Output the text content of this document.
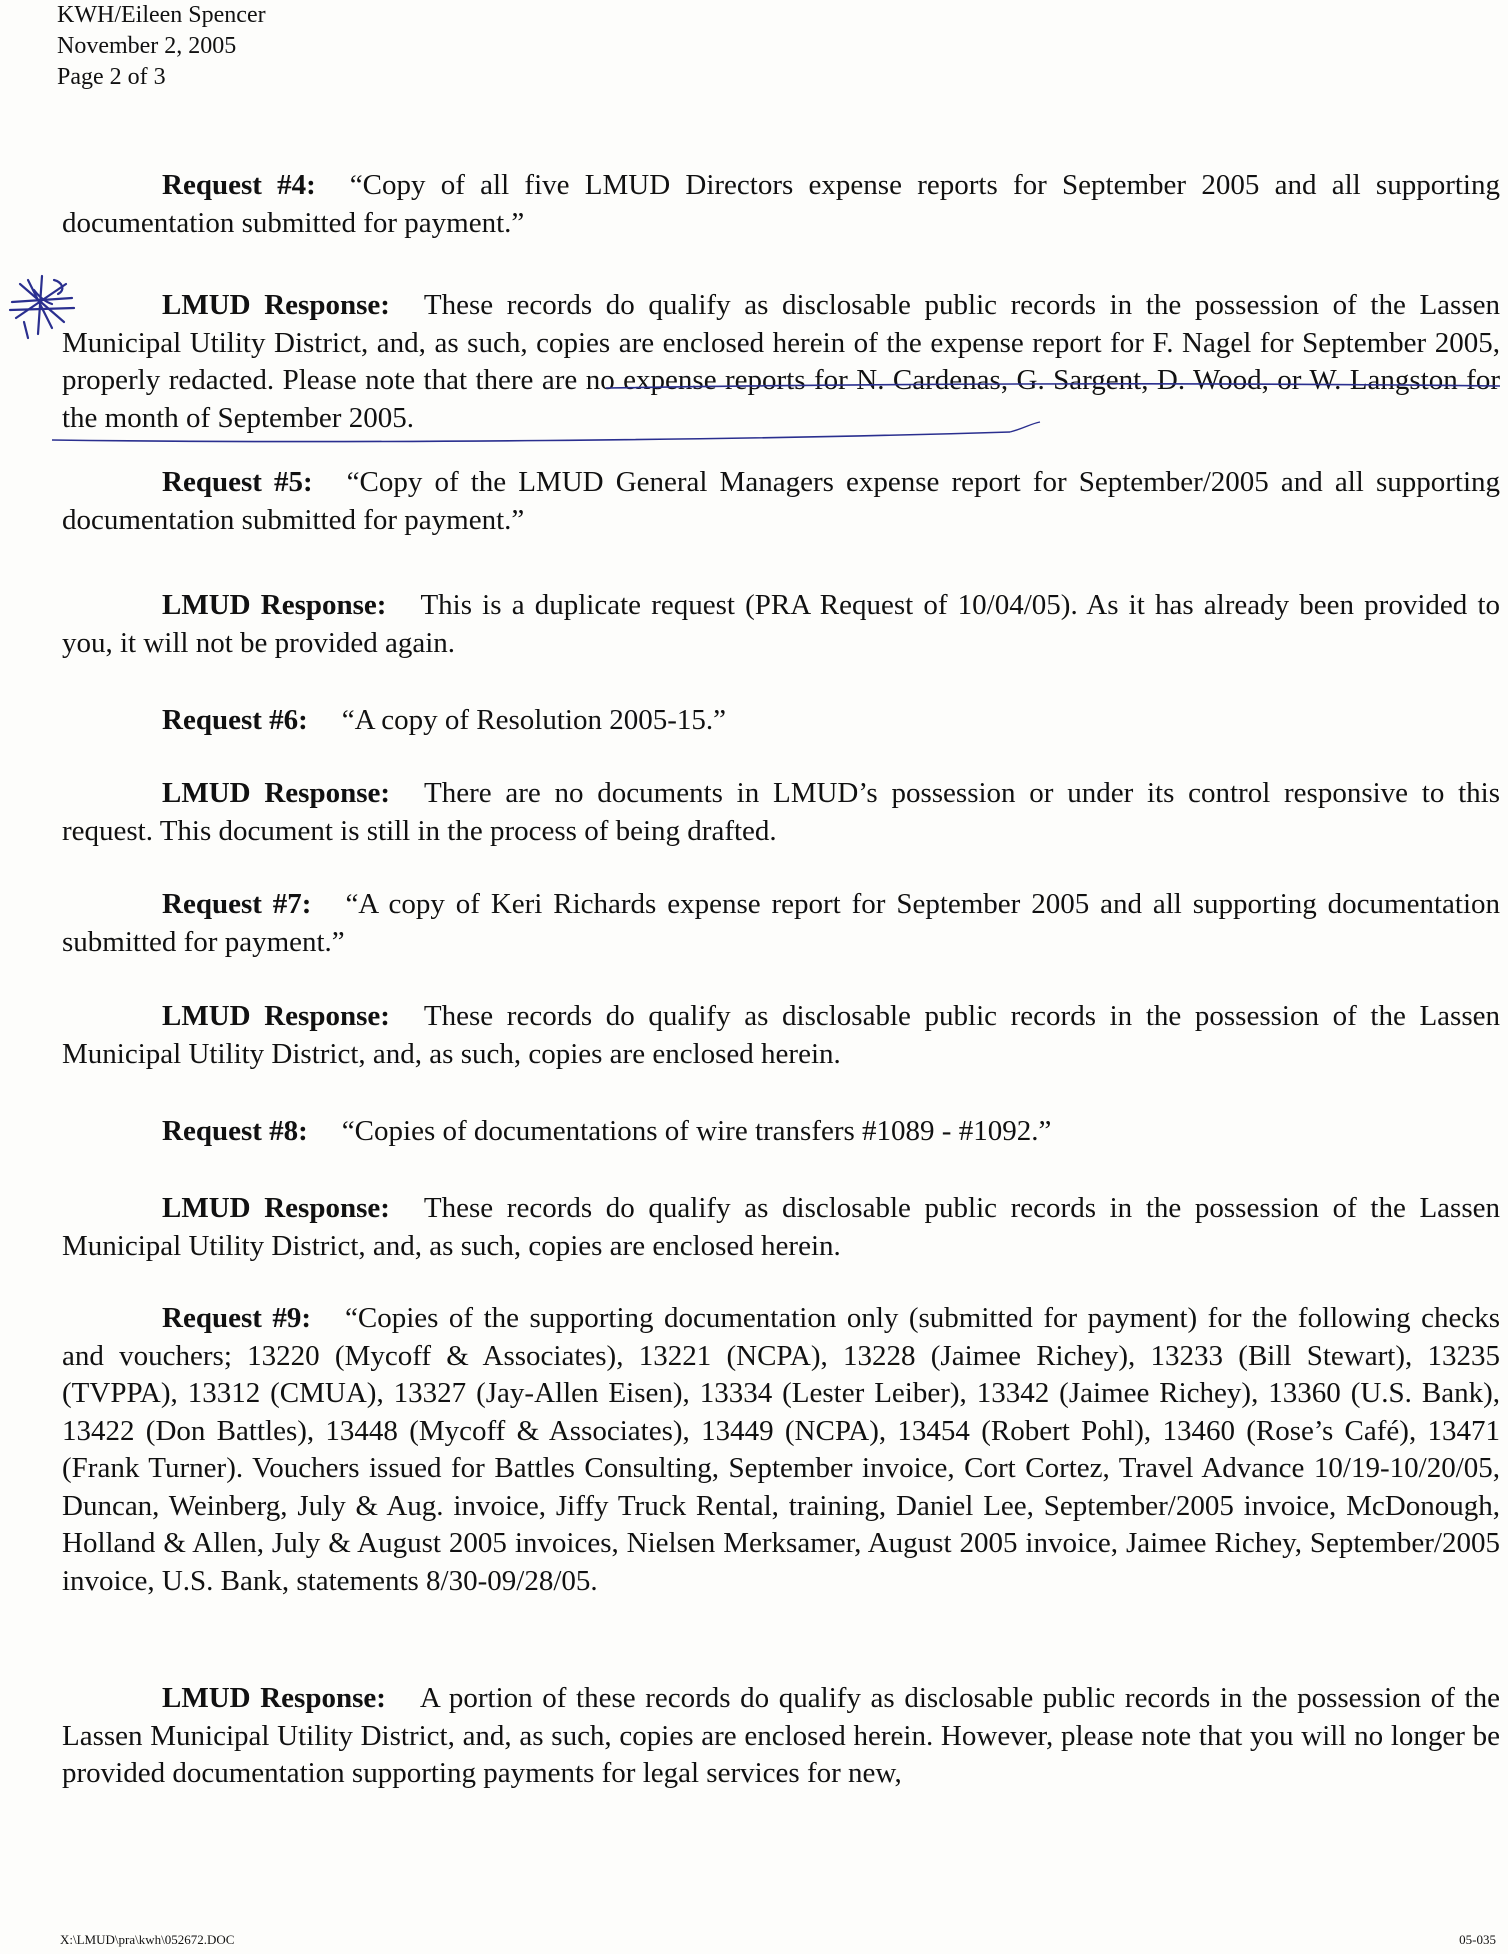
KWH/Eileen Spencer
November 2, 2005
Page 2 of 3
Request #4: “Copy of all five LMUD Directors expense reports for September 2005 and all supporting documentation submitted for payment.”
LMUD Response: These records do qualify as disclosable public records in the possession of the Lassen Municipal Utility District, and, as such, copies are enclosed herein of the expense report for F. Nagel for September 2005, properly redacted. Please note that there are no expense reports for N. Cardenas, G. Sargent, D. Wood, or W. Langston for the month of September 2005.
Request #5: “Copy of the LMUD General Managers expense report for September/2005 and all supporting documentation submitted for payment.”
LMUD Response: This is a duplicate request (PRA Request of 10/04/05). As it has already been provided to you, it will not be provided again.
Request #6: “A copy of Resolution 2005-15.”
LMUD Response: There are no documents in LMUD’s possession or under its control responsive to this request. This document is still in the process of being drafted.
Request #7: “A copy of Keri Richards expense report for September 2005 and all supporting documentation submitted for payment.”
LMUD Response: These records do qualify as disclosable public records in the possession of the Lassen Municipal Utility District, and, as such, copies are enclosed herein.
Request #8: “Copies of documentations of wire transfers #1089 - #1092.”
LMUD Response: These records do qualify as disclosable public records in the possession of the Lassen Municipal Utility District, and, as such, copies are enclosed herein.
Request #9: “Copies of the supporting documentation only (submitted for payment) for the following checks and vouchers; 13220 (Mycoff & Associates), 13221 (NCPA), 13228 (Jaimee Richey), 13233 (Bill Stewart), 13235 (TVPPA), 13312 (CMUA), 13327 (Jay-Allen Eisen), 13334 (Lester Leiber), 13342 (Jaimee Richey), 13360 (U.S. Bank), 13422 (Don Battles), 13448 (Mycoff & Associates), 13449 (NCPA), 13454 (Robert Pohl), 13460 (Rose’s Café), 13471 (Frank Turner). Vouchers issued for Battles Consulting, September invoice, Cort Cortez, Travel Advance 10/19-10/20/05, Duncan, Weinberg, July & Aug. invoice, Jiffy Truck Rental, training, Daniel Lee, September/2005 invoice, McDonough, Holland & Allen, July & August 2005 invoices, Nielsen Merksamer, August 2005 invoice, Jaimee Richey, September/2005 invoice, U.S. Bank, statements 8/30-09/28/05.
LMUD Response: A portion of these records do qualify as disclosable public records in the possession of the Lassen Municipal Utility District, and, as such, copies are enclosed herein. However, please note that you will no longer be provided documentation supporting payments for legal services for new,
X:\LMUD\pra\kwh\052672.DOC	05-035
